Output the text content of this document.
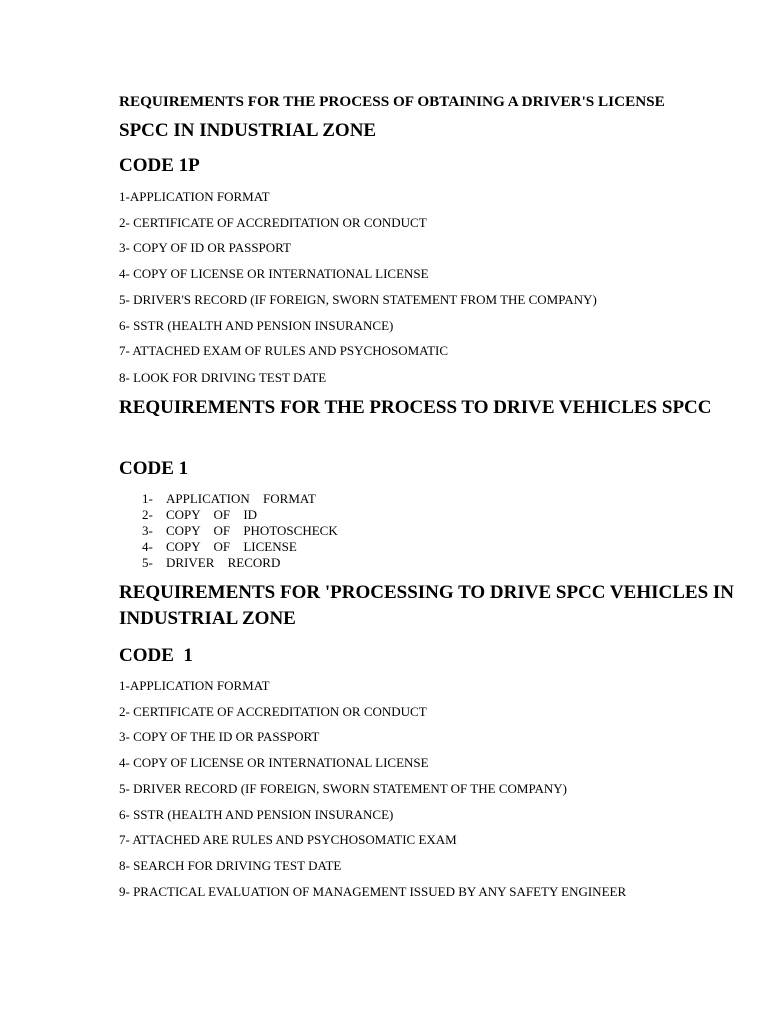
REQUIREMENTS FOR THE PROCESS OF OBTAINING A DRIVER'S LICENSE
SPCC IN INDUSTRIAL ZONE
CODE 1P
1-APPLICATION FORMAT
2- CERTIFICATE OF ACCREDITATION OR CONDUCT
3- COPY OF ID OR PASSPORT
4- COPY OF LICENSE OR INTERNATIONAL LICENSE
5- DRIVER'S RECORD (IF FOREIGN, SWORN STATEMENT FROM THE COMPANY)
6- SSTR (HEALTH AND PENSION INSURANCE)
7- ATTACHED EXAM OF RULES AND PSYCHOSOMATIC
8- LOOK FOR DRIVING TEST DATE
REQUIREMENTS FOR THE PROCESS TO DRIVE VEHICLES SPCC
CODE 1
1- APPLICATION FORMAT
2- COPY OF ID
3- COPY OF PHOTOSCHECK
4- COPY OF LICENSE
5- DRIVER RECORD
REQUIREMENTS FOR 'PROCESSING TO DRIVE SPCC VEHICLES IN INDUSTRIAL ZONE
CODE  1
1-APPLICATION FORMAT
2- CERTIFICATE OF ACCREDITATION OR CONDUCT
3- COPY OF THE ID OR PASSPORT
4- COPY OF LICENSE OR INTERNATIONAL LICENSE
5- DRIVER RECORD (IF FOREIGN, SWORN STATEMENT OF THE COMPANY)
6- SSTR (HEALTH AND PENSION INSURANCE)
7- ATTACHED ARE RULES AND PSYCHOSOMATIC EXAM
8- SEARCH FOR DRIVING TEST DATE
9- PRACTICAL EVALUATION OF MANAGEMENT ISSUED BY ANY SAFETY ENGINEER
